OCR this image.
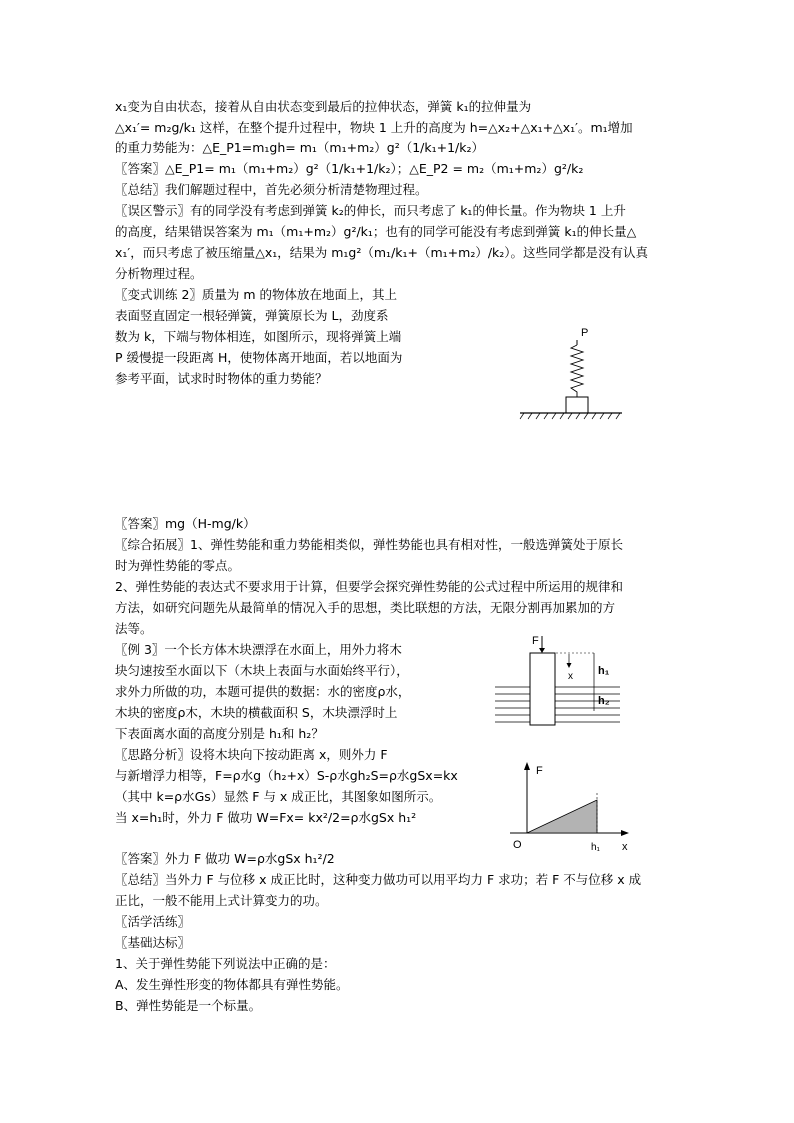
x₁变为自由状态，接着从自由状态变到最后的拉伸状态，弹簧 k₁的拉伸量为
△x₁′= m₂g/k₁ 这样，在整个提升过程中，物块 1 上升的高度为 h=△x₂+△x₁+△x₁′。m₁增加
的重力势能为：△E_P1=m₁gh= m₁（m₁+m₂）g²（1/k₁+1/k₂）
〖答案〗△E_P1= m₁（m₁+m₂）g²（1/k₁+1/k₂）；△E_P2 = m₂（m₁+m₂）g²/k₂
〖总结〗我们解题过程中，首先必须分析清楚物理过程。
〖误区警示〗有的同学没有考虑到弹簧 k₂的伸长，而只考虑了 k₁的伸长量。作为物块 1 上升
的高度，结果错误答案为 m₁（m₁+m₂）g²/k₁；也有的同学可能没有考虑到弹簧 k₁的伸长量△
x₁′，而只考虑了被压缩量△x₁，结果为 m₁g²（m₁/k₁+（m₁+m₂）/k₂）。这些同学都是没有认真
分析物理过程。
〖变式训练 2〗质量为 m 的物体放在地面上，其上
表面竖直固定一根轻弹簧，弹簧原长为 L，劲度系
数为 k，下端与物体相连，如图所示，现将弹簧上端
P 缓慢提一段距离 H，使物体离开地面，若以地面为
参考平面，试求时时物体的重力势能？
〖答案〗mg（H-mg/k）
〖综合拓展〗1、弹性势能和重力势能相类似，弹性势能也具有相对性，一般选弹簧处于原长
时为弹性势能的零点。
2、弹性势能的表达式不要求用于计算，但要学会探究弹性势能的公式过程中所运用的规律和
方法，如研究问题先从最简单的情况入手的思想，类比联想的方法，无限分割再加累加的方
法等。
〖例 3〗一个长方体木块漂浮在水面上，用外力将木
块匀速按至水面以下（木块上表面与水面始终平行），
求外力所做的功，本题可提供的数据：水的密度ρ水，
木块的密度ρ木，木块的横截面积 S，木块漂浮时上
下表面离水面的高度分别是 h₁和 h₂？
〖思路分析〗设将木块向下按动距离 x，则外力 F
与新增浮力相等，F=ρ水g（h₂+x）S-ρ水gh₂S=ρ水gSx=kx
（其中 k=ρ水Gs）显然 F 与 x 成正比，其图象如图所示。
当 x=h₁时，外力 F 做功 W=Fx= kx²/2=ρ水gSx h₁²
〖答案〗外力 F 做功 W=ρ水gSx h₁²/2
〖总结〗当外力 F 与位移 x 成正比时，这种变力做功可以用平均力 F 求功；若 F 不与位移 x 成
正比，一般不能用上式计算变力的功。
〖活学活练〗
〖基础达标〗
1、关于弹性势能下列说法中正确的是：
A、发生弹性形变的物体都具有弹性势能。
B、弹性势能是一个标量。
P
F
x h₁
h₂
F
x
O	h₁
